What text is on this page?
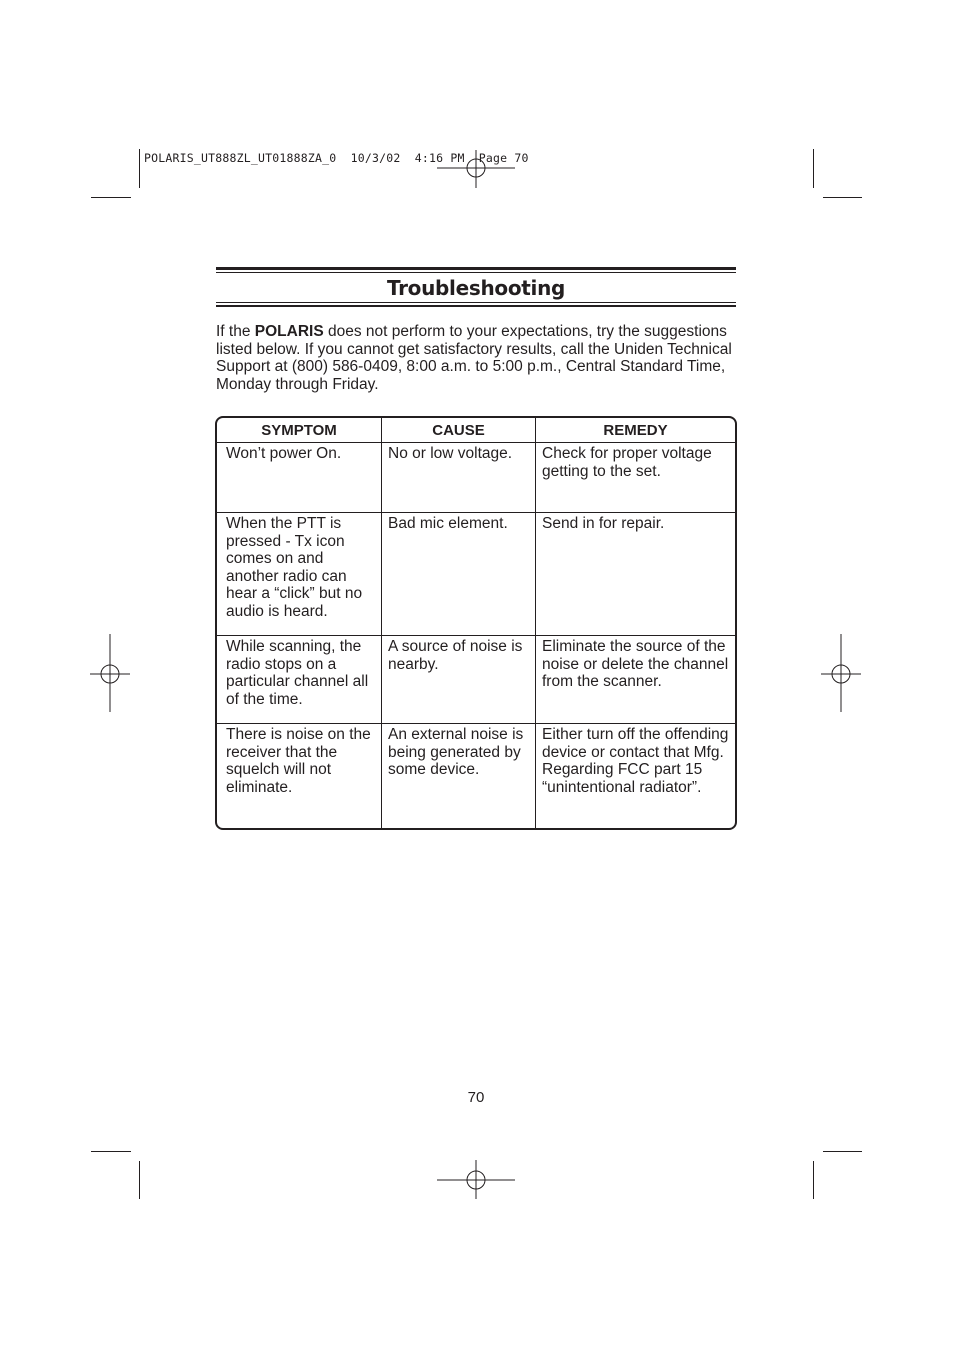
POLARIS_UT888ZL_UT01888ZA_0  10/3/02  4:16 PM  Page 70
Troubleshooting
If the POLARIS does not perform to your expectations, try the suggestions listed below. If you cannot get satisfactory results, call the Uniden Technical Support at (800) 586-0409, 8:00 a.m. to 5:00 p.m., Central Standard Time, Monday through Friday.
SYMPTOM	CAUSE	REMEDY

Won’t power On.	No or low voltage.	Check for proper voltage getting to the set.

When the PTT is pressed - Tx icon comes on and another radio can hear a “click” but no audio is heard.	Bad mic element.	Send in for repair.

While scanning, the radio stops on a particular channel all of the time.	A source of noise is nearby.	Eliminate the source of the noise or delete the channel from the scanner.

There is noise on the receiver that the squelch will not eliminate.	An external noise is being generated by some device.	Either turn off the offending device or contact that Mfg. Regarding FCC part 15 “unintentional radiator”.
70
